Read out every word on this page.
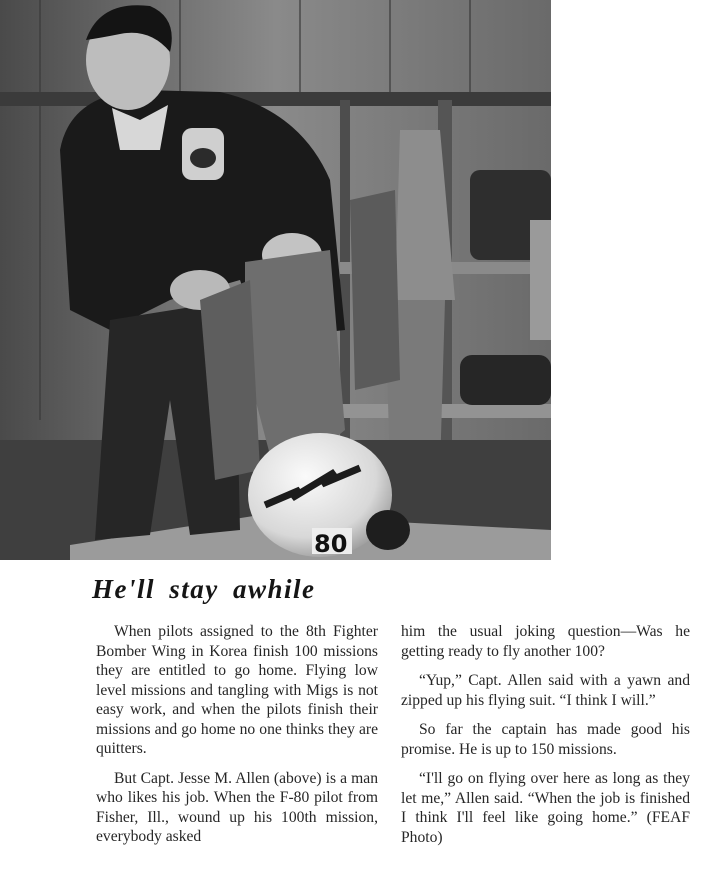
80
He'll stay awhile

When pilots assigned to the 8th Fighter Bomber Wing in Korea finish 100 missions they are entitled to go home. Flying low level missions and tangling with Migs is not easy work, and when the pilots finish their missions and go home no one thinks they are quitters.

But Capt. Jesse M. Allen (above) is a man who likes his job. When the F-80 pilot from Fisher, Ill., wound up his 100th mission, everybody asked

him the usual joking question—Was he getting ready to fly another 100?

“Yup,” Capt. Allen said with a yawn and zipped up his flying suit. “I think I will.”

So far the captain has made good his promise. He is up to 150 missions.

“I'll go on flying over here as long as they let me,” Allen said. “When the job is finished I think I'll feel like going home.” (FEAF Photo)
